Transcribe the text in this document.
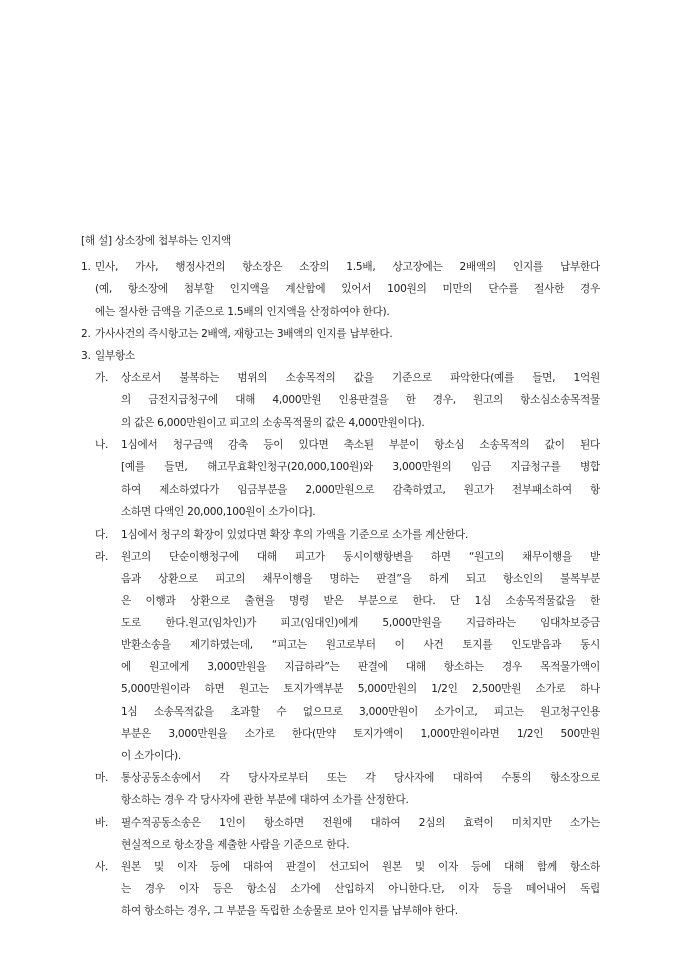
[해 설] 상소장에 첩부하는 인지액
1. 민사, 가사, 행정사건의 항소장은 소장의 1.5배, 상고장에는 2배액의 인지를 납부한다
(예, 항소장에 첨부할 인지액을 계산함에 있어서 100원의 미만의 단수를 절사한 경우
에는 절사한 금액을 기준으로 1.5배의 인지액을 산정하여야 한다).
2. 가사사건의 즉시항고는 2배액, 재항고는 3배액의 인지를 납부한다.
3. 일부항소
가. 상소로서 불복하는 범위의 소송목적의 값을 기준으로 파악한다(예를 들면, 1억원
의 금전지급청구에 대해 4,000만원 인용판결을 한 경우, 원고의 항소심소송목적물
의 값은 6,000만원이고 피고의 소송목적물의 값은 4,000만원이다).
나. 1심에서 청구금액 감축 등이 있다면 축소된 부분이 항소심 소송목적의 값이 된다
[예를 들면, 해고무효확인청구(20,000,100원)와 3,000만원의 임금 지급청구를 병합
하여 제소하였다가 임금부분을 2,000만원으로 감축하였고, 원고가 전부패소하여 항
소하면 다액인 20,000,100원이 소가이다].
다. 1심에서 청구의 확장이 있었다면 확장 후의 가액을 기준으로 소가를 계산한다.
라. 원고의 단순이행청구에 대해 피고가 동시이행항변을 하면 “원고의 채무이행을 받
음과 상환으로 피고의 채무이행을 명하는 판결”을 하게 되고 항소인의 불복부분
은 이행과 상환으로 출현을 명령 받은 부분으로 한다. 단 1심 소송목적물값을 한
도로 한다.원고(임차인)가 피고(임대인)에게 5,000만원을 지급하라는 임대차보증금
반환소송을 제기하였는데, “피고는 원고로부터 이 사건 토지를 인도받음과 동시
에 원고에게 3,000만원을 지급하라”는 판결에 대해 항소하는 경우 목적물가액이
5,000만원이라 하면 원고는 토지가액부분 5,000만원의 1/2인 2,500만원 소가로 하나
1심 소송목적값을 초과할 수 없으므로 3,000만원이 소가이고, 피고는 원고청구인용
부분은 3,000만원을 소가로 한다(만약 토지가액이 1,000만원이라면 1/2인 500만원
이 소가이다).
마. 통상공동소송에서 각 당사자로부터 또는 각 당사자에 대하여 수통의 항소장으로
항소하는 경우 각 당사자에 관한 부분에 대하여 소가를 산정한다.
바. 필수적공동소송은 1인이 항소하면 전원에 대하여 2심의 효력이 미치지만 소가는
현실적으로 항소장을 제출한 사람을 기준으로 한다.
사. 원본 및 이자 등에 대하여 판결이 선고되어 원본 및 이자 등에 대해 함께 항소하
는 경우 이자 등은 항소심 소가에 산입하지 아니한다.단, 이자 등을 떼어내어 독립
하여 항소하는 경우, 그 부분을 독립한 소송물로 보아 인지를 납부해야 한다.
